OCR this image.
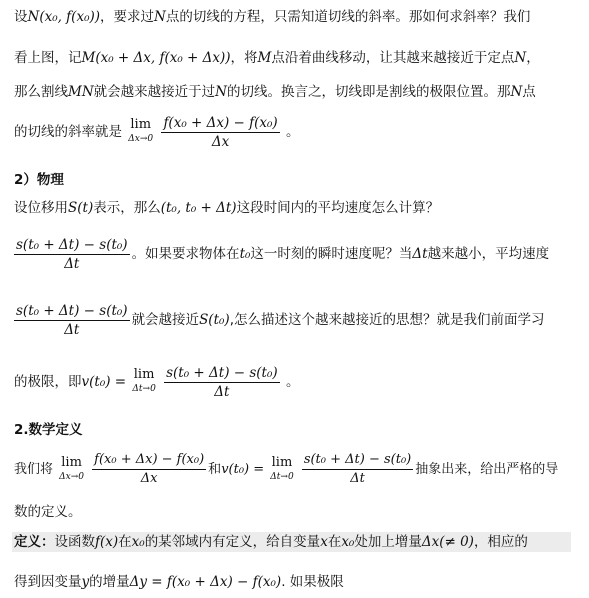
设N(x₀, f(x₀))，要求过N点的切线的方程，只需知道切线的斜率。那如何求斜率？我们
看上图，记M(x₀ + Δx, f(x₀ + Δx))，将M点沿着曲线移动，让其越来越接近于定点N，
那么割线MN就会越来越接近于过N的切线。换言之，切线即是割线的极限位置。那N点
的切线的斜率就是 lim
Δx→0
$\frac{\text{f(x₀ + Δx) − f(x₀)}}{\Delta x}$ 。
2）物理
设位移用S(t)表示，那么(t₀, t₀ + Δt)这段时间内的平均速度怎么计算？
$\frac{\text{s(t₀ + Δt) − s(t₀)}}{\Delta t}$ 。如果要求物体在t₀这一时刻的瞬时速度呢？当Δt越来越小，平均速度
$\frac{\text{s(t₀ + Δt) − s(t₀)}}{\Delta t}$ 就会越接近S(t₀),怎么描述这个越来越接近的思想？就是我们前面学习
的极限，即v(t₀) = lim
Δt→0
$\frac{\text{s(t₀ + Δt) − s(t₀)}}{\Delta t}$ 。
2.数学定义
我们将 lim
Δx→0
$\frac{\text{f(x₀ + Δx) − f(x₀)}}{\Delta x}$ 和v(t₀) = lim
Δt→0
$\frac{\text{s(t₀ + Δt) − s(t₀)}}{\Delta t}$ 抽象出来，给出严格的导
数的定义。
定义：设函数f(x)在x₀的某邻域内有定义，给自变量x在x₀处加上增量Δx(≠ 0)，相应的
得到因变量y的增量Δy = f(x₀ + Δx) − f(x₀). 如果极限
